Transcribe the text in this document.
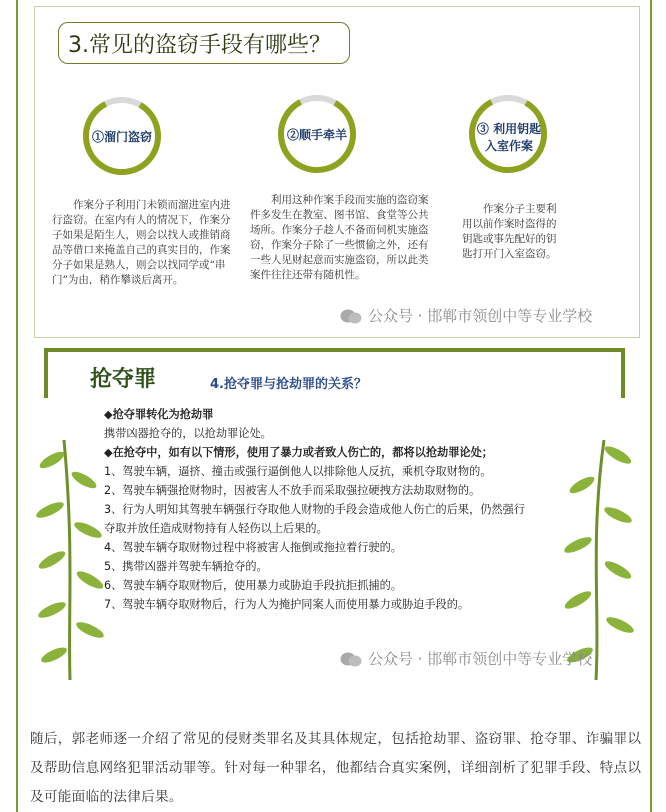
3.常见的盗窃手段有哪些？
①溜门盗窃	②顺手牵羊	③ 利用钥匙入室作案
作案分子利用门未锁而溜进室内进行盗窃。在室内有人的情况下，作案分子如果是陌生人，则会以找人或推销商品等借口来掩盖自己的真实目的，作案分子如果是熟人，则会以找同学或“串门”为由，稍作攀谈后离开。
利用这种作案手段而实施的盗窃案件多发生在教室、图书馆、食堂等公共场所。作案分子趁人不备而伺机实施盗窃，作案分子除了一些惯偷之外，还有一些人见财起意而实施盗窃，所以此类案件往往还带有随机性。
作案分子主要利用以前作案时盗得的钥匙或事先配好的钥匙打开门入室盗窃。
公众号 · 邯郸市领创中等专业学校
抢夺罪	4.抢夺罪与抢劫罪的关系？
◆抢夺罪转化为抢劫罪
携带凶器抢夺的，以抢劫罪论处。
◆在抢夺中，如有以下情形，使用了暴力或者致人伤亡的，都将以抢劫罪论处；
1、驾驶车辆，逼挤、撞击或强行逼倒他人以排除他人反抗，乘机夺取财物的。
2、驾驶车辆强抢财物时，因被害人不放手而采取强拉硬拽方法劫取财物的。
3、行为人明知其驾驶车辆强行夺取他人财物的手段会造成他人伤亡的后果，仍然强行
夺取并放任造成财物持有人轻伤以上后果的。
4、驾驶车辆夺取财物过程中将被害人拖倒或拖拉着行驶的。
5、携带凶器并驾驶车辆抢夺的。
6、驾驶车辆夺取财物后，使用暴力或胁迫手段抗拒抓捕的。
7、驾驶车辆夺取财物后，行为人为掩护同案人而使用暴力或胁迫手段的。
公众号 · 邯郸市领创中等专业学校
随后，郭老师逐一介绍了常见的侵财类罪名及其具体规定，包括抢劫罪、盗窃罪、抢夺罪、诈骗罪以及帮助信息网络犯罪活动罪等。针对每一种罪名，他都结合真实案例，详细剖析了犯罪手段、特点以及可能面临的法律后果。
